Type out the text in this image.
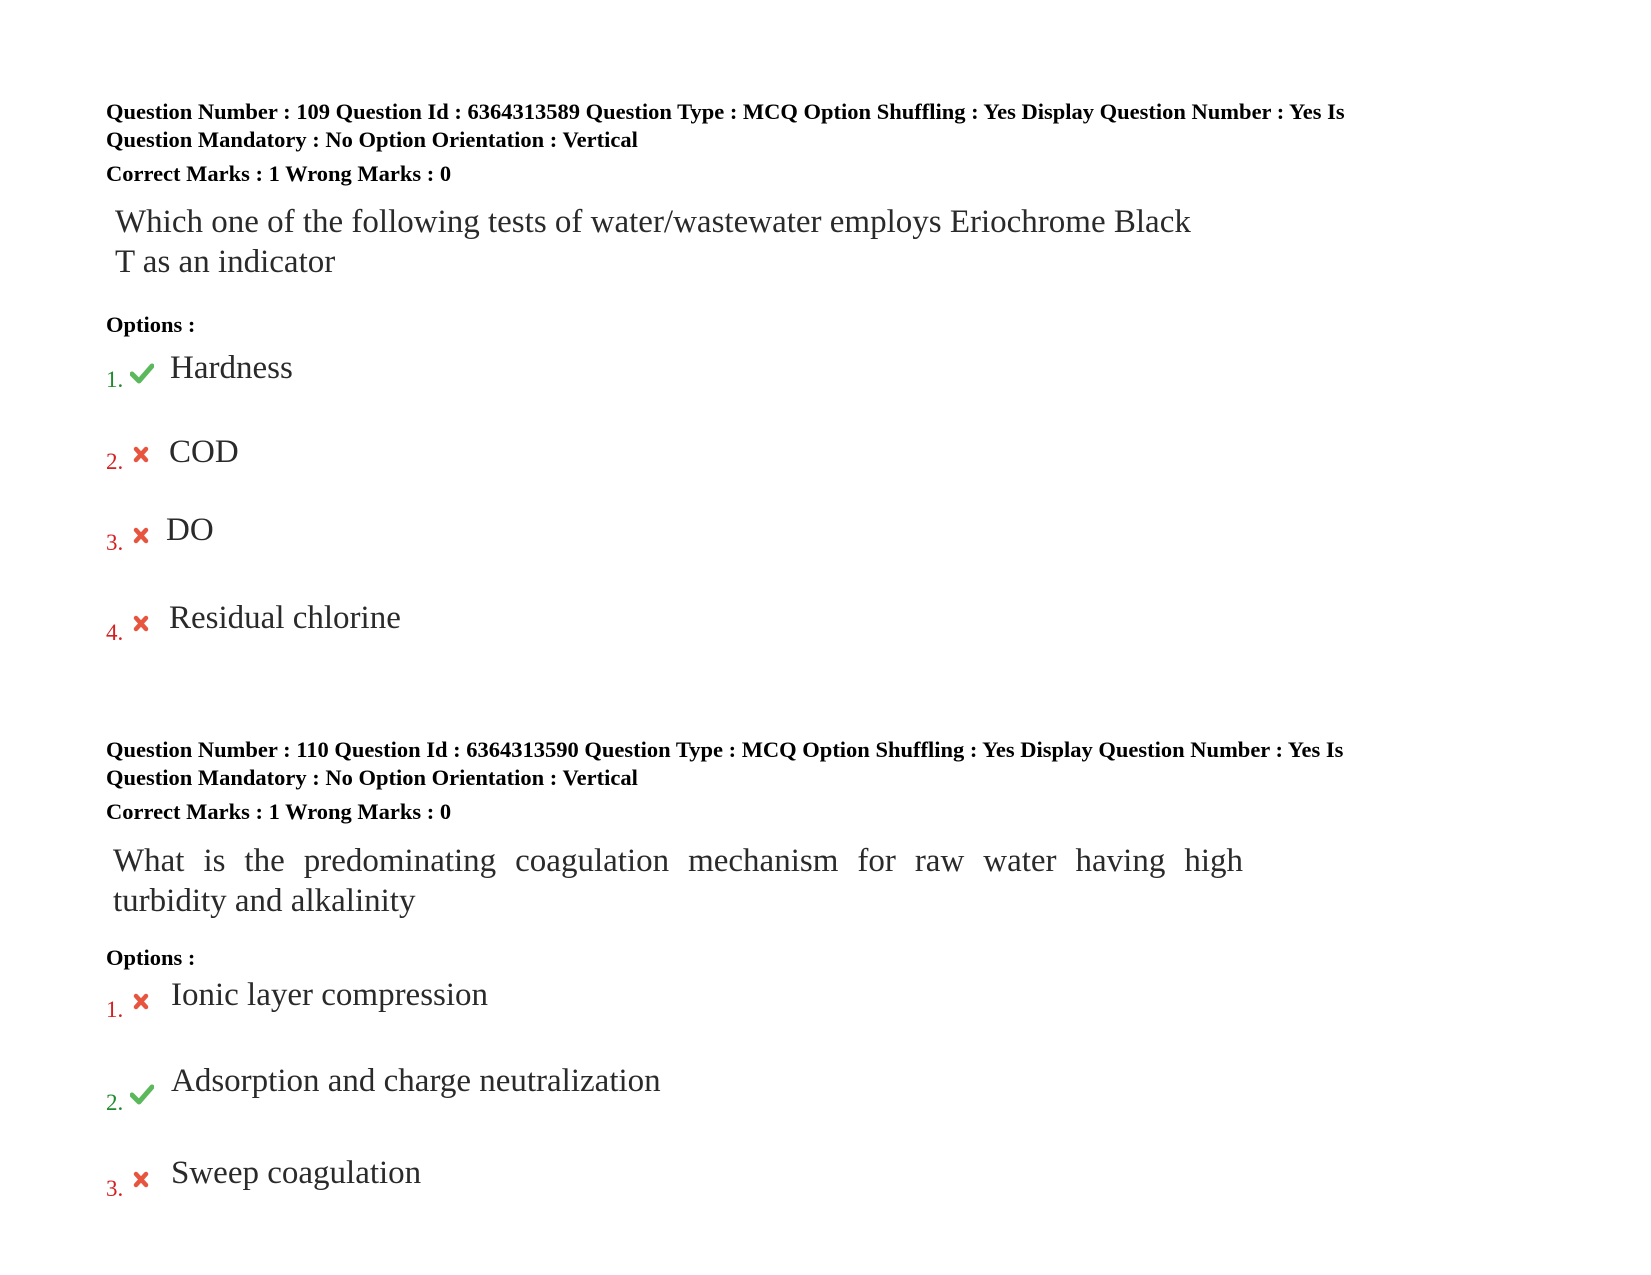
Question Number : 109 Question Id : 6364313589 Question Type : MCQ Option Shuffling : Yes Display Question Number : Yes Is
Question Mandatory : No Option Orientation : Vertical
Correct Marks : 1 Wrong Marks : 0
Which one of the following tests of water/wastewater employs Eriochrome Black
T as an indicator
Options :
1. Hardness
2. COD
3. DO
4. Residual chlorine
Question Number : 110 Question Id : 6364313590 Question Type : MCQ Option Shuffling : Yes Display Question Number : Yes Is
Question Mandatory : No Option Orientation : Vertical
Correct Marks : 1 Wrong Marks : 0
What is the predominating coagulation mechanism for raw water having high
turbidity and alkalinity
Options :
1. Ionic layer compression
2.
Adsorption and charge neutralization
3. Sweep coagulation
